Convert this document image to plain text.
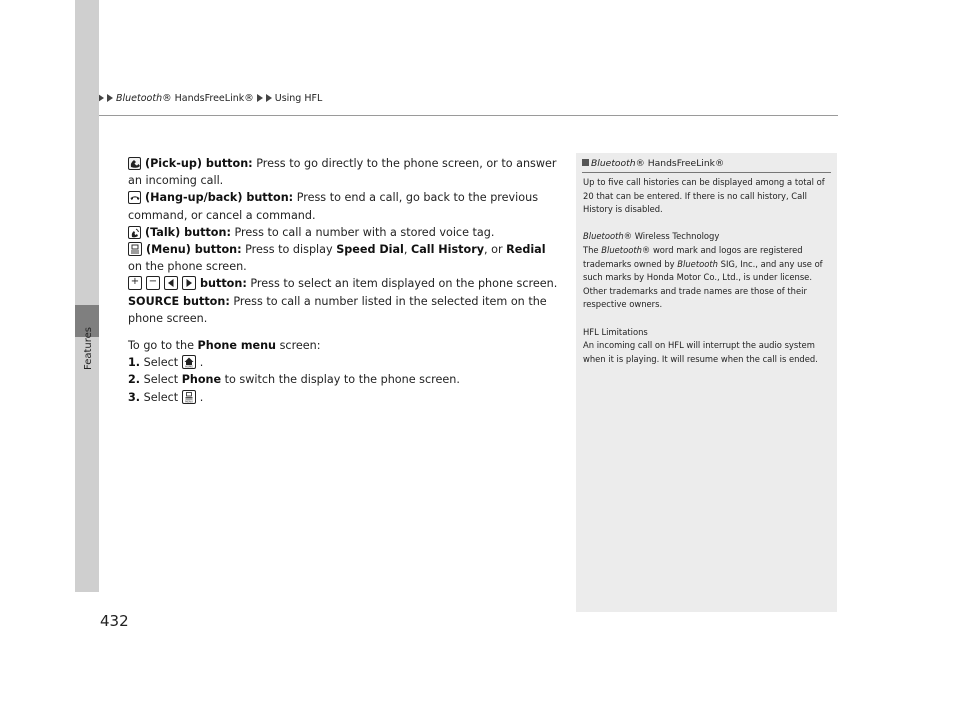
Bluetooth® HandsFreeLink® Using HFL
Features

(Pick-up) button: Press to go directly to the phone screen, or to answer an incoming call.

(Hang-up/back) button: Press to end a call, go back to the previous command, or cancel a command.

(Talk) button: Press to call a number with a stored voice tag.

(Menu) button: Press to display Speed Dial, Call History, or Redial on the phone screen.

+ −	button: Press to select an item displayed on the phone screen.

SOURCE button: Press to call a number listed in the selected item on the phone screen.

To go to the Phone menu screen:

1. Select HOME .

2. Select Phone to switch the display to the phone screen.

3. Select MENU .

Bluetooth® HandsFreeLink®

Up to five call histories can be displayed among a total of 20 that can be entered. If there is no call history, Call History is disabled.

Bluetooth® Wireless Technology

The Bluetooth® word mark and logos are registered trademarks owned by Bluetooth SIG, Inc., and any use of such marks by Honda Motor Co., Ltd., is under license. Other trademarks and trade names are those of their respective owners.

HFL Limitations

An incoming call on HFL will interrupt the audio system when it is playing. It will resume when the call is ended.

432
